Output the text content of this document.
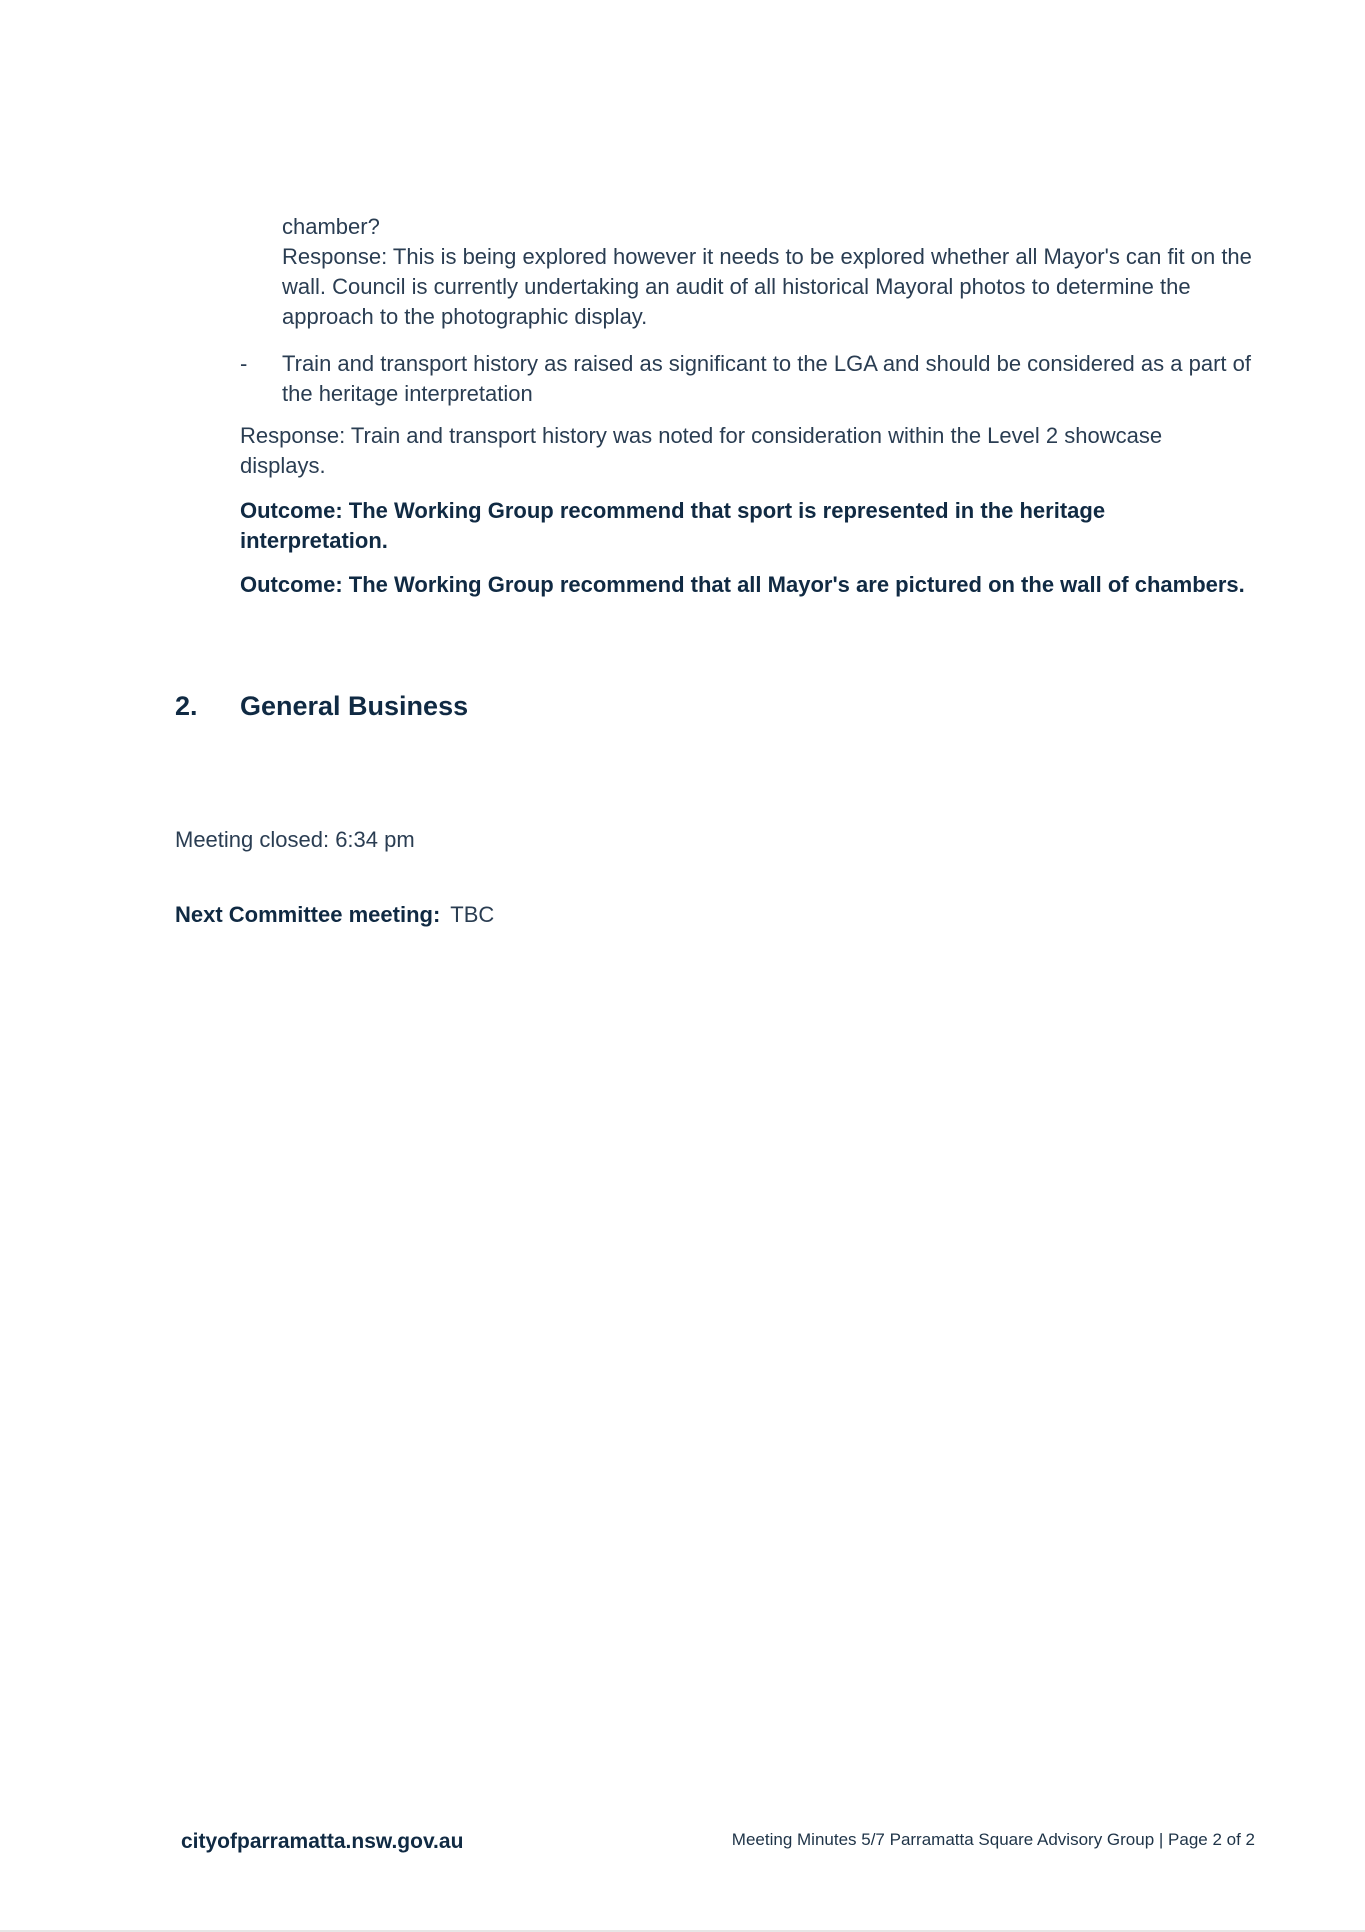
chamber?
Response: This is being explored however it needs to be explored whether all Mayor's can fit on the wall. Council is currently undertaking an audit of all historical Mayoral photos to determine the approach to the photographic display.
- Train and transport history as raised as significant to the LGA and should be considered as a part of the heritage interpretation
Response: Train and transport history was noted for consideration within the Level 2 showcase displays.
Outcome: The Working Group recommend that sport is represented in the heritage interpretation.
Outcome: The Working Group recommend that all Mayor's are pictured on the wall of chambers.
2. General Business
Meeting closed: 6:34 pm
Next Committee meeting: TBC
cityofparramatta.nsw.gov.au	Meeting Minutes 5/7 Parramatta Square Advisory Group | Page 2 of 2
